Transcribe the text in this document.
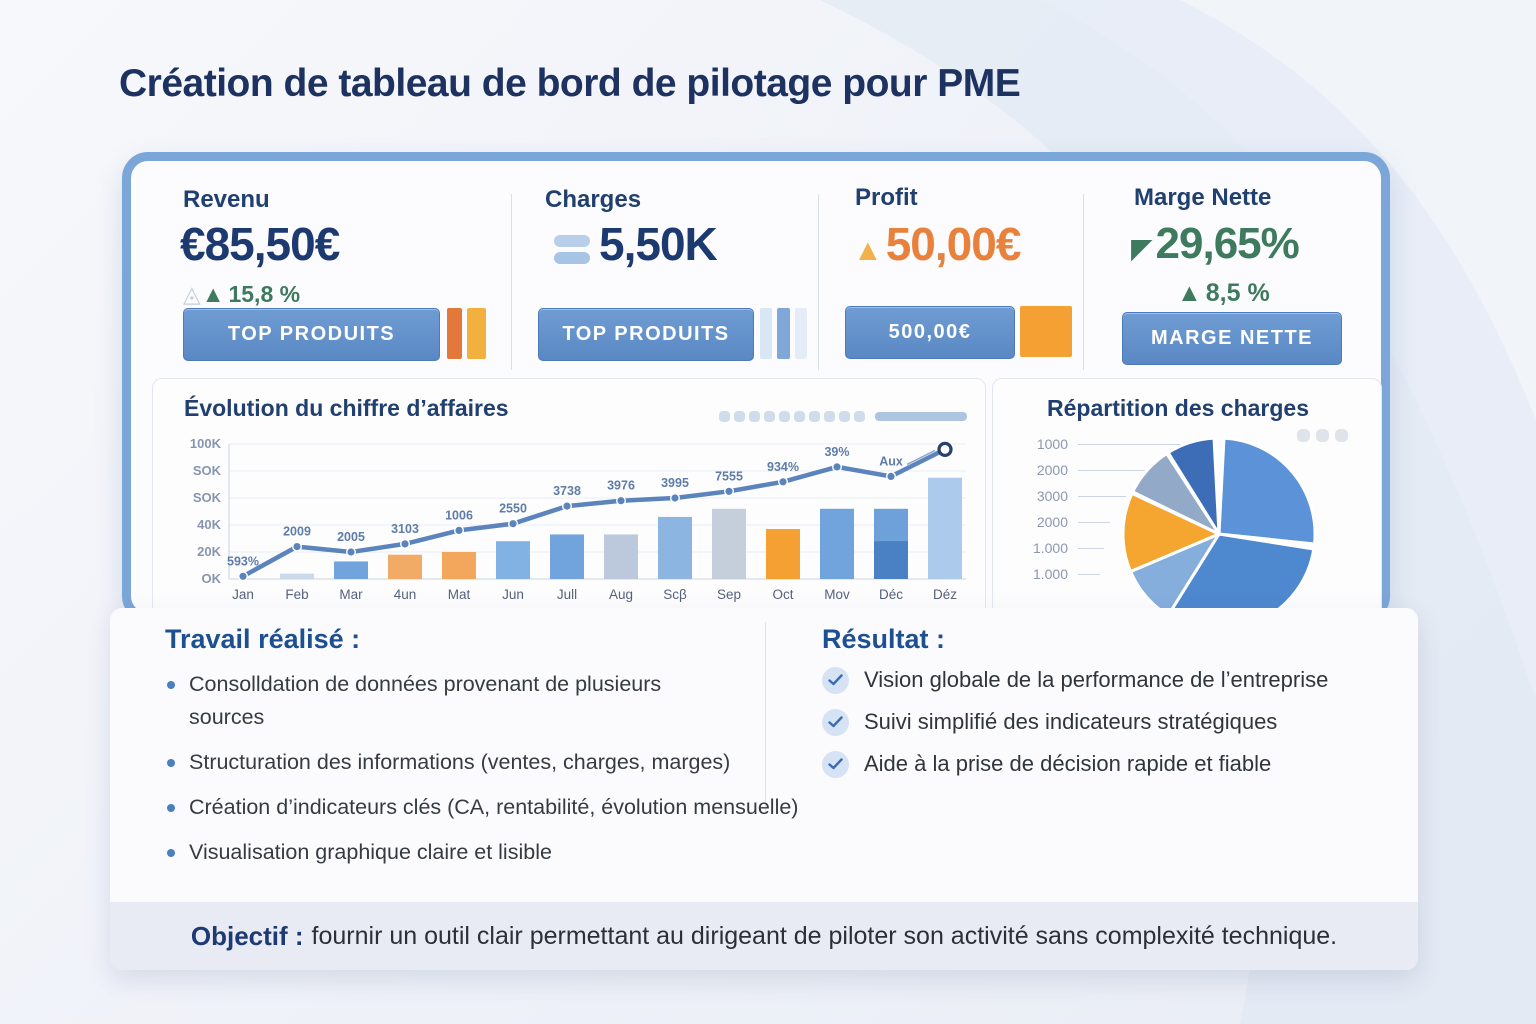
Création de tableau de bord de pilotage pour PME
Revenu
€85,50€
◬▲ 15,8 %
TOP PRODUITS
Charges
5,50K
TOP PRODUITS
Profit
▲50,00€
500,00€
Marge Nette
◤29,65%
▲ 8,5 %
MARGE NETTE
Évolution du chiffre d’affaires
100K
SOK
SOK
40K
20K
OK
593%
2009 2005
3103
1006 2550
3738 3976 3995 7555
934%
39%
Aux
Jan Feb Mar 4un Mat Jun Jull Aug Scβ Sep Oct Mov Déc Déz
Répartition des charges
1000
2000
3000
2000
1.000
1.000
Travail réalisé :
Consolldation de données provenant de plusieurs sources
Structuration des informations (ventes, charges, marges)
Création d’indicateurs clés (CA, rentabilité, évolution mensuelle)
Visualisation graphique claire et lisible
Résultat :
Vision globale de la performance de l’entreprise
Suivi simplifié des indicateurs stratégiques
Aide à la prise de décision rapide et fiable
Objectif : fournir un outil clair permettant au dirigeant de piloter son activité sans complexité technique.
